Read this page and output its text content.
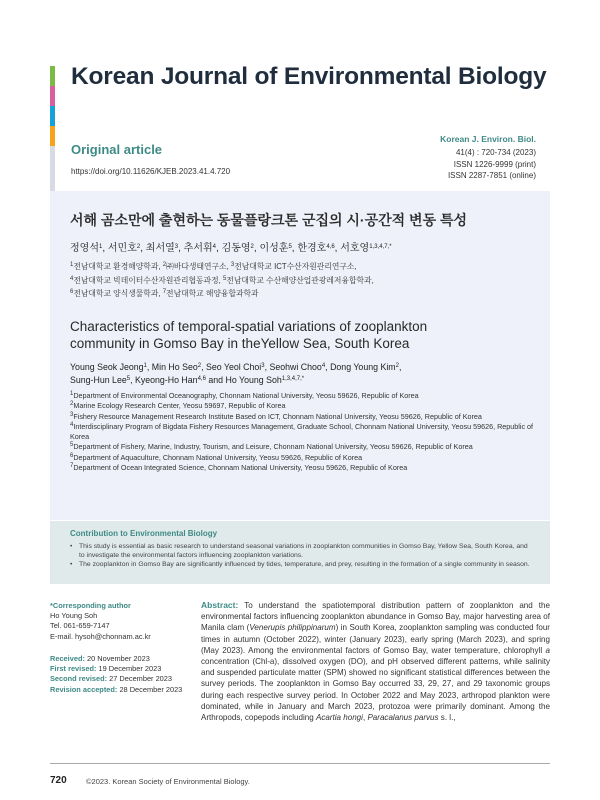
Korean Journal of Environmental Biology
Original article
https://doi.org/10.11626/KJEB.2023.41.4.720
Korean J. Environ. Biol.
41(4) : 720-734 (2023)
ISSN 1226-9999 (print)
ISSN 2287-7851 (online)
서해 곰소만에 출현하는 동물플랑크톤 군집의 시·공간적 변동 특성
정영석$^1$, 서민호$^2$, 최서열$^3$, 추서휘$^4$, 김동영$^2$, 이성훈$^5$, 한경호$^{4,6}$, 서호영$^{1,3,4,7,*}$
$^1$전남대학교 환경해양학과, $^2$㈜바다생태연구소, $^3$전남대학교 ICT수산자원관리연구소,
$^4$전남대학교 빅데이터수산자원관리협동과정, $^5$전남대학교 수산해양산업관광레저융합학과,
$^6$전남대학교 양식생물학과, $^7$전남대학교 해양융합과학과
Characteristics of temporal-spatial variations of zooplankton
community in Gomso Bay in theYellow Sea, South Korea
Young Seok Jeong$^1$, Min Ho Seo$^2$, Seo Yeol Choi$^3$, Seohwi Choo$^4$, Dong Young Kim$^2$,
Sung-Hun Lee$^5$, Kyeong-Ho Han$^{4,6}$ and Ho Young Soh$^{1,3,4,7,*}$
$^1$Department of Environmental Oceanography, Chonnam National University, Yeosu 59626, Republic of Korea
$^2$Marine Ecology Research Center, Yeosu 59697, Republic of Korea
$^3$Fishery Resource Management Research Institute Based on ICT, Chonnam National University, Yeosu 59626, Republic of Korea
$^4$Interdisciplinary Program of Bigdata Fishery Resources Management, Graduate School, Chonnam National University, Yeosu 59626, Republic of Korea
$^5$Department of Fishery, Marine, Industry, Tourism, and Leisure, Chonnam National University, Yeosu 59626, Republic of Korea
$^6$Department of Aquaculture, Chonnam National University, Yeosu 59626, Republic of Korea
$^7$Department of Ocean Integrated Science, Chonnam National University, Yeosu 59626, Republic of Korea
Contribution to Environmental Biology
• This study is essential as basic research to understand seasonal variations in zooplankton communities in Gomso Bay, Yellow Sea, South Korea, and to investigate the environmental factors influencing zooplankton variations.
• The zooplankton in Gomso Bay are significantly influenced by tides, temperature, and prey, resulting in the formation of a single community in season.
*Corresponding author
Ho Young Soh
Tel. 061-659-7147
E-mail. hysoh@chonnam.ac.kr
Received: 20 November 2023
First revised: 19 December 2023
Second revised: 27 December 2023
Revision accepted: 28 December 2023

Abstract: To understand the spatiotemporal distribution pattern of zooplankton and the environmental factors influencing zooplankton abundance in Gomso Bay, major harvesting area of Manila clam (Venerupis philippinarum) in South Korea, zooplankton sampling was conducted four times in autumn (October 2022), winter (January 2023), early spring (March 2023), and spring (May 2023). Among the environmental factors of Gomso Bay, water temperature, chlorophyll a concentration (Chl-a), dissolved oxygen (DO), and pH observed different patterns, while salinity and suspended particulate matter (SPM) showed no significant statistical differences between the survey periods. The zooplankton in Gomso Bay occurred 33, 29, 27, and 29 taxonomic groups during each respective survey period. In October 2022 and May 2023, arthropod plankton were dominated, while in January and March 2023, protozoa were primarily dominant. Among the Arthropods, copepods including Acartia hongi, Paracalanus parvus s. l.,

720	©2023. Korean Society of Environmental Biology.
